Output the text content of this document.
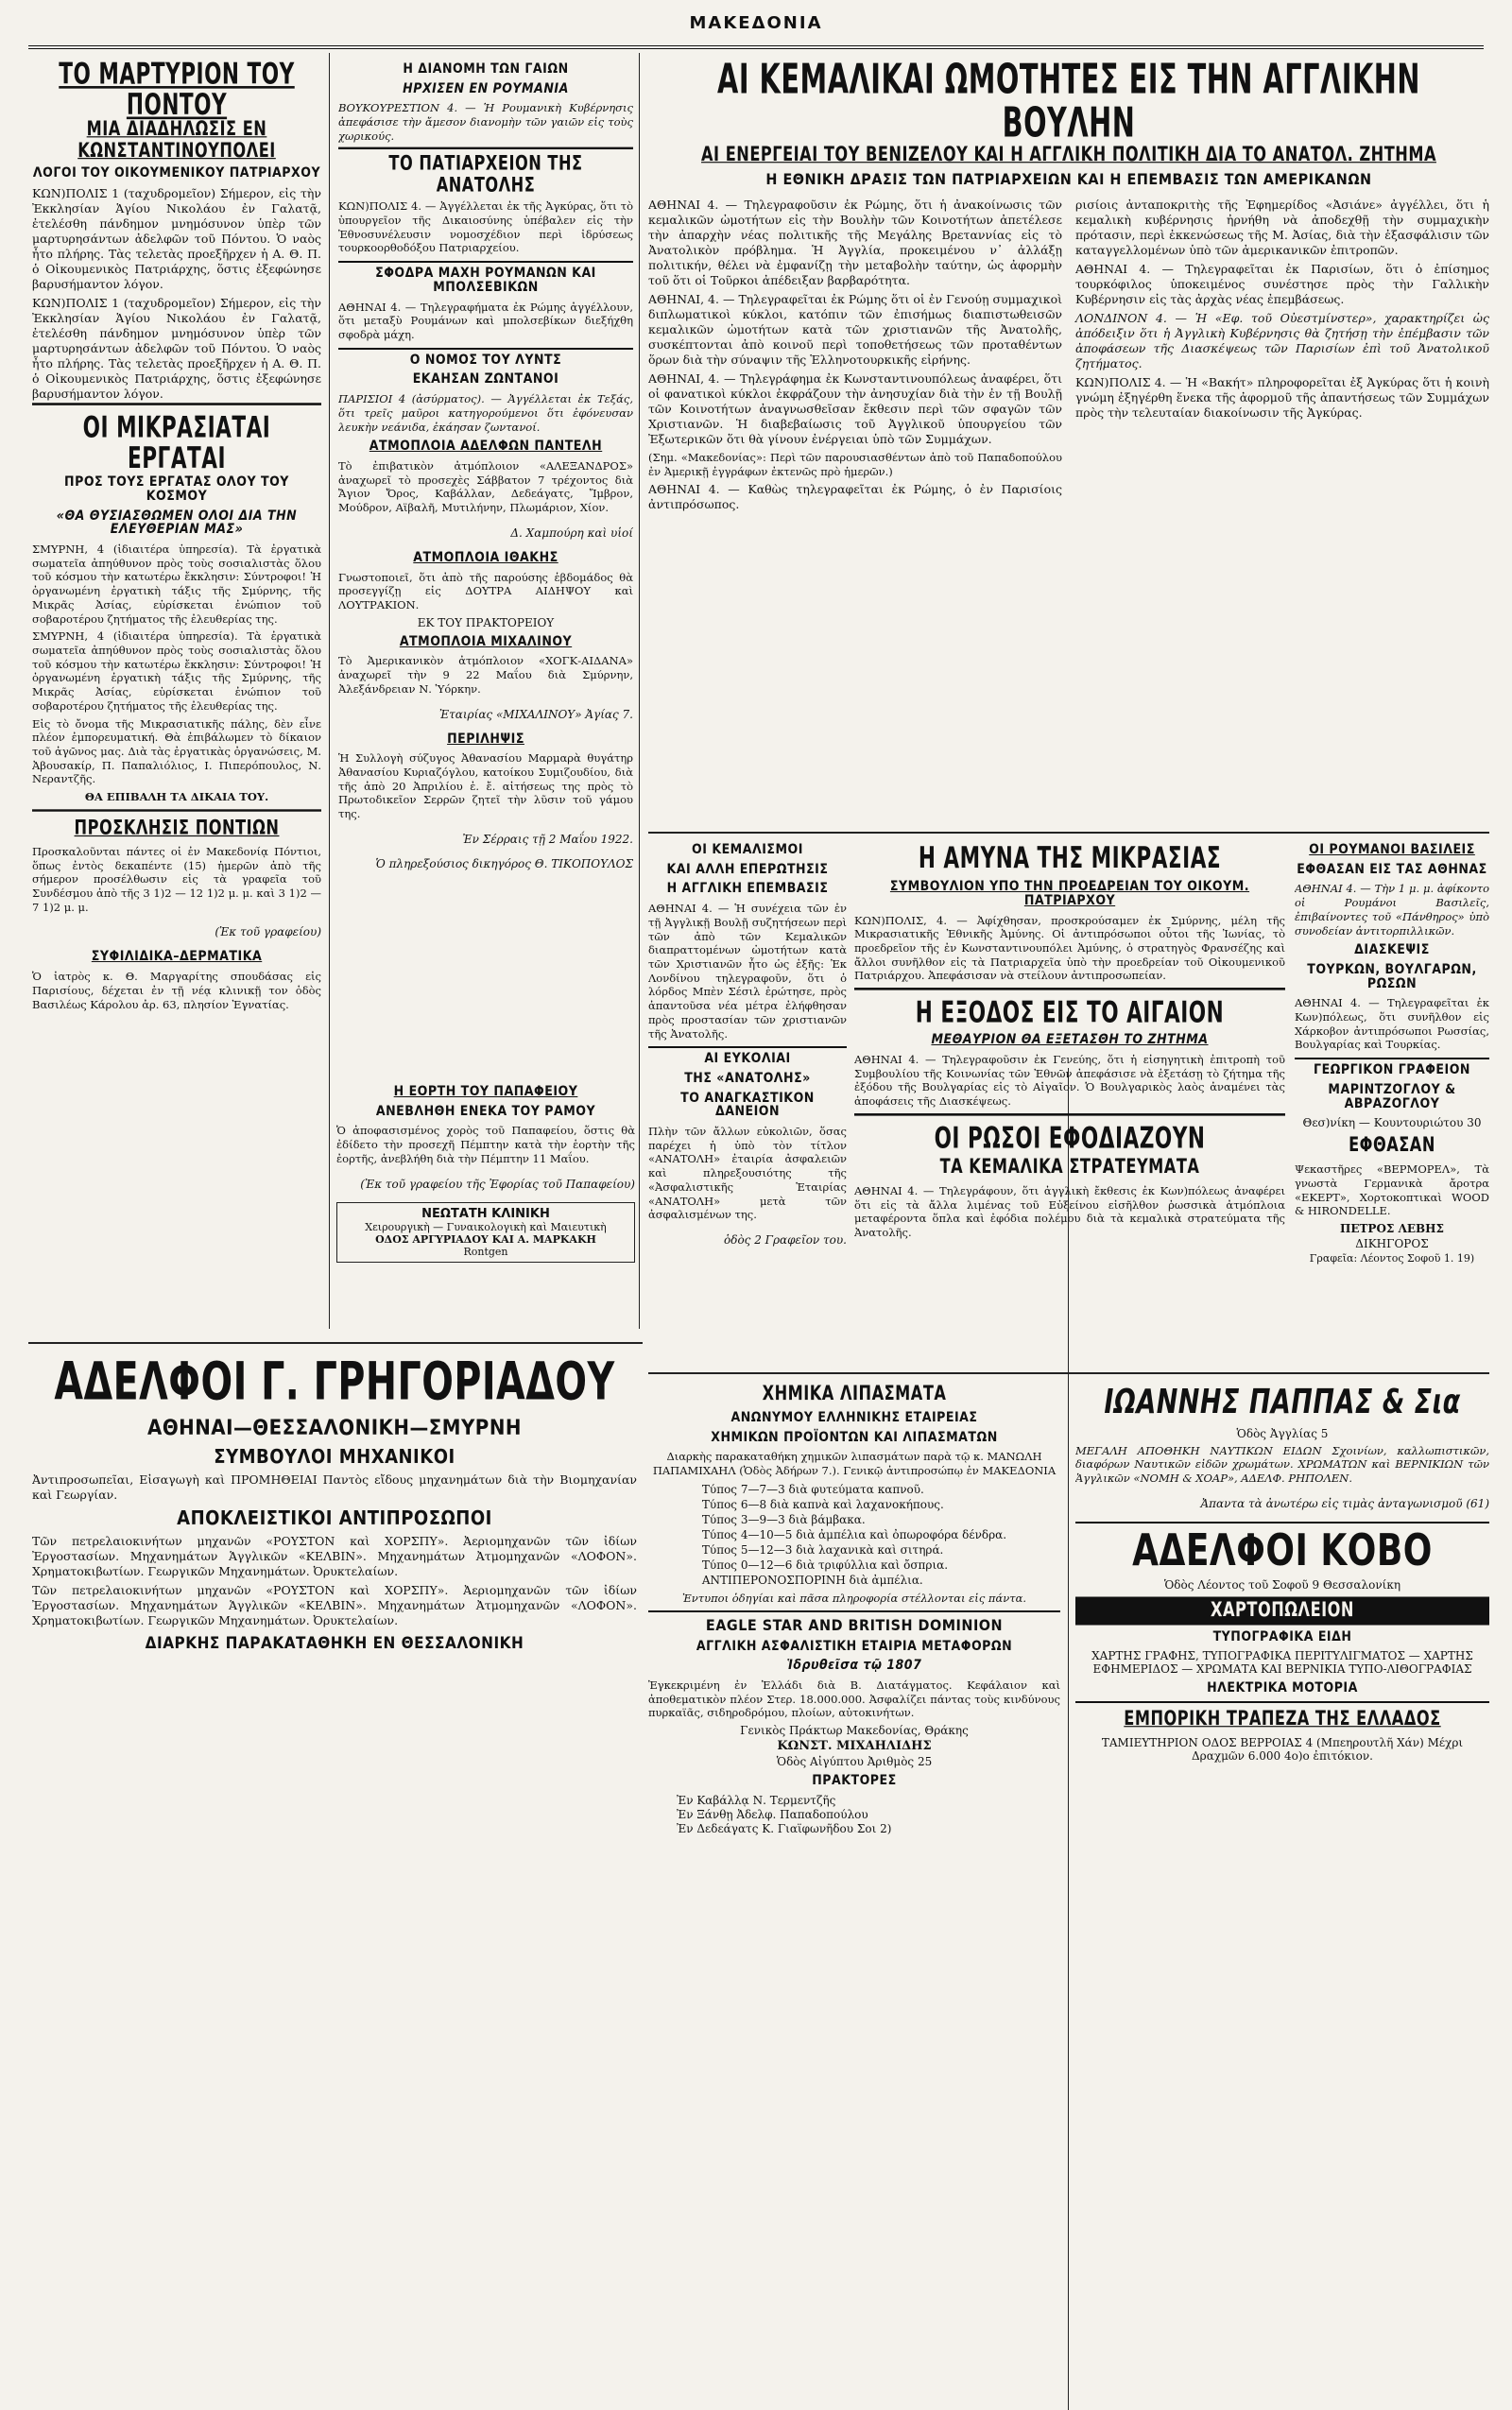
ΜΑΚΕΔΟΝΙΑ
ΤΟ ΜΑΡΤΥΡΙΟΝ ΤΟΥ ΠΟΝΤΟΥ
ΜΙΑ ΔΙΑΔΗΛΩΣΙΣ ΕΝ ΚΩΝΣΤΑΝΤΙΝΟΥΠΟΛΕΙ
ΛΟΓΟΙ ΤΟΥ ΟΙΚΟΥΜΕΝΙΚΟΥ ΠΑΤΡΙΑΡΧΟΥ

ΚΩΝ)ΠΟΛΙΣ 1 (ταχυδρομεῖον) Σήμερον, εἰς τὴν Ἐκκλησίαν Ἁγίου Νικολάου ἐν Γαλατᾷ, ἐτελέσθη πάνδημον μνημόσυνον ὑπὲρ τῶν μαρτυρησάντων ἀδελφῶν τοῦ Πόντου. Ὁ ναὸς ἦτο πλήρης. Τὰς τελετὰς προεξῆρχεν ἡ Α. Θ. Π. ὁ Οἰκουμενικὸς Πατριάρχης, ὅστις ἐξεφώνησε βαρυσήμαντον λόγον.

ΚΩΝ)ΠΟΛΙΣ 1 (ταχυδρομεῖον) Σήμερον, εἰς τὴν Ἐκκλησίαν Ἁγίου Νικολάου ἐν Γαλατᾷ, ἐτελέσθη πάνδημον μνημόσυνον ὑπὲρ τῶν μαρτυρησάντων ἀδελφῶν τοῦ Πόντου. Ὁ ναὸς ἦτο πλήρης. Τὰς τελετὰς προεξῆρχεν ἡ Α. Θ. Π. ὁ Οἰκουμενικὸς Πατριάρχης, ὅστις ἐξεφώνησε βαρυσήμαντον λόγον.

ΟΙ ΜΙΚΡΑΣΙΑΤΑΙ ΕΡΓΑΤΑΙ
ΠΡΟΣ ΤΟΥΣ ΕΡΓΑΤΑΣ ΟΛΟΥ ΤΟΥ ΚΟΣΜΟΥ
«ΘΑ ΘΥΣΙΑΣΘΩΜΕΝ ΟΛΟΙ ΔΙΑ ΤΗΝ ΕΛΕΥΘΕΡΙΑΝ ΜΑΣ»

ΣΜΥΡΝΗ, 4 (ἰδιαιτέρα ὑπηρεσία). Τὰ ἐργατικὰ σωματεῖα ἀπηύθυνον πρὸς τοὺς σοσιαλιστὰς ὅλου τοῦ κόσμου τὴν κατωτέρω ἔκκλησιν: Σύντροφοι! Ἡ ὀργανωμένη ἐργατικὴ τάξις τῆς Σμύρνης, τῆς Μικρᾶς Ἀσίας, εὑρίσκεται ἐνώπιον τοῦ σοβαροτέρου ζητήματος τῆς ἐλευθερίας της.

ΣΜΥΡΝΗ, 4 (ἰδιαιτέρα ὑπηρεσία). Τὰ ἐργατικὰ σωματεῖα ἀπηύθυνον πρὸς τοὺς σοσιαλιστὰς ὅλου τοῦ κόσμου τὴν κατωτέρω ἔκκλησιν: Σύντροφοι! Ἡ ὀργανωμένη ἐργατικὴ τάξις τῆς Σμύρνης, τῆς Μικρᾶς Ἀσίας, εὑρίσκεται ἐνώπιον τοῦ σοβαροτέρου ζητήματος τῆς ἐλευθερίας της.

Εἰς τὸ ὄνομα τῆς Μικρασιατικῆς πάλης, δὲν εἶνε πλέον ἐμπορευματική. Θὰ ἐπιβάλωμεν τὸ δίκαιον τοῦ ἀγῶνος μας. Διὰ τὰς ἐργατικὰς ὀργανώσεις, Μ. Ἀβουσακίρ, Π. Παπαλιόλιος, Ι. Πιπερόπουλος, Ν. Νεραντζῆς.

ΘΑ ΕΠΙΒΑΛΗ ΤΑ ΔΙΚΑΙΑ ΤΟΥ.

ΠΡΟΣΚΛΗΣΙΣ ΠΟΝΤΙΩΝ

Προσκαλοῦνται πάντες οἱ ἐν Μακεδονίᾳ Πόντιοι, ὅπως ἐντὸς δεκαπέντε (15) ἡμερῶν ἀπὸ τῆς σήμερον προσέλθωσιν εἰς τὰ γραφεῖα τοῦ Συνδέσμου ἀπὸ τῆς 3 1)2 — 12 1)2 μ. μ. καὶ 3 1)2 — 7 1)2 μ. μ.

(Ἐκ τοῦ γραφείου)

ΣΥΦΙΛΙΔΙΚΑ–ΔΕΡΜΑΤΙΚΑ

Ὁ ἰατρὸς κ. Θ. Μαργαρίτης σπουδάσας εἰς Παρισίους, δέχεται ἐν τῇ νέᾳ κλινικῇ τον ὁδὸς Βασιλέως Κάρολου ἀρ. 63, πλησίον Ἐγνατίας.

Η ΕΟΡΤΗ ΤΟΥ ΠΑΠΑΦΕΙΟΥ
ΑΝΕΒΛΗΘΗ ΕΝΕΚΑ ΤΟΥ ΡΑΜΟΥ

Ὁ ἀποφασισμένος χορὸς τοῦ Παπαφείου, ὅστις θὰ ἐδίδετο τὴν προσεχῆ Πέμπτην κατὰ τὴν ἑορτὴν τῆς ἐορτῆς, ἀνεβλήθη διὰ τὴν Πέμπτην 11 Μαΐου.

(Ἐκ τοῦ γραφείου τῆς Ἐφορίας τοῦ Παπαφείου)

ΝΕΩΤΑΤΗ ΚΛΙΝΙΚΗ
Χειρουργικὴ — Γυναικολογικὴ καὶ Μαιευτικὴ
ΟΔΟΣ ΑΡΓΥΡΙΑΔΟΥ ΚΑΙ Α. ΜΑΡΚΑΚΗ
Rontgen
Η ΔΙΑΝΟΜΗ ΤΩΝ ΓΑΙΩΝ
ΗΡΧΙΣΕΝ ΕΝ ΡΟΥΜΑΝΙΑ

ΒΟΥΚΟΥΡΕΣΤΙΟΝ 4. — Ἡ Ρουμανικὴ Κυβέρνησις ἀπεφάσισε τὴν ἄμεσον διανομὴν τῶν γαιῶν εἰς τοὺς χωρικούς.

ΤΟ ΠΑΤΙΑΡΧΕΙΟΝ ΤΗΣ ΑΝΑΤΟΛΗΣ

ΚΩΝ)ΠΟΛΙΣ 4. — Ἀγγέλλεται ἐκ τῆς Ἀγκύρας, ὅτι τὸ ὑπουργεῖον τῆς Δικαιοσύνης ὑπέβαλεν εἰς τὴν Ἐθνοσυνέλευσιν νομοσχέδιον περὶ ἱδρύσεως τουρκοορθοδόξου Πατριαρχείου.

ΣΦΟΔΡΑ ΜΑΧΗ ΡΟΥΜΑΝΩΝ ΚΑΙ ΜΠΟΛΣΕΒΙΚΩΝ

ΑΘΗΝΑΙ 4. — Τηλεγραφήματα ἐκ Ρώμης ἀγγέλλουν, ὅτι μεταξὺ Ρουμάνων καὶ μπολσεβίκων διεξήχθη σφοδρὰ μάχη.

Ο ΝΟΜΟΣ ΤΟΥ ΛΥΝΤΣ
ΕΚΑΗΣΑΝ ΖΩΝΤΑΝΟΙ

ΠΑΡΙΣΙΟΙ 4 (ἀσύρματος). — Ἀγγέλλεται ἐκ Τεξάς, ὅτι τρεῖς μαῦροι κατηγορούμενοι ὅτι ἐφόνευσαν λευκὴν νεάνιδα, ἐκάησαν ζωντανοί.

ΑΤΜΟΠΛΟΙΑ ΑΔΕΛΦΩΝ ΠΑΝΤΕΛΗ

Τὸ ἐπιβατικὸν ἀτμόπλοιον «ΑΛΕΞΑΝΔΡΟΣ» ἀναχωρεῖ τὸ προσεχὲς Σάββατον 7 τρέχοντος διὰ Ἄγιον Ὄρος, Καβάλλαν, Δεδεάγατς, Ἴμβρον, Μούδρον, Αϊβαλῆ, Μυτιλήνην, Πλωμάριον, Χίον.

Δ. Χαμπούρη καὶ υἱοί

ΑΤΜΟΠΛΟΙΑ ΙΘΑΚΗΣ

Γνωστοποιεῖ, ὅτι ἀπὸ τῆς παρούσης ἑβδομάδος θὰ προσεγγίζῃ εἰς ΔΟΥΤΡΑ ΑΙΔΗΨΟΥ καὶ ΛΟΥΤΡΑΚΙΟΝ.

ΕΚ ΤΟΥ ΠΡΑΚΤΟΡΕΙΟΥ

ΑΤΜΟΠΛΟΙΑ ΜΙΧΑΛΙΝΟΥ

Τὸ Ἀμερικανικὸν ἀτμόπλοιον «ΧΟΓΚ-ΑΙΔΑΝΑ» ἀναχωρεῖ τὴν 9 22 Μαΐου διὰ Σμύρνην, Ἀλεξάνδρειαν Ν. Ὑόρκην.

Ἐταιρίας «ΜΙΧΑΛΙΝΟΥ» Ἀγίας 7.

ΠΕΡΙΛΗΨΙΣ

Ἡ Συλλογὴ σύζυγος Ἀθανασίου Μαρμαρὰ θυγάτηρ Ἀθανασίου Κυριαζόγλου, κατοίκου Συμιζουδίου, διὰ τῆς ἀπὸ 20 Ἀπριλίου ἐ. ἔ. αἰτήσεως της πρὸς τὸ Πρωτοδικεῖον Σερρῶν ζητεῖ τὴν λῦσιν τοῦ γάμου της.

Ἐν Σέρραις τῇ 2 Μαΐου 1922.

Ὁ πληρεξούσιος δικηγόρος Θ. ΤΙΚΟΠΟΥΛΟΣ

ΑΙ ΚΕΜΑΛΙΚΑΙ ΩΜΟΤΗΤΕΣ ΕΙΣ ΤΗΝ ΑΓΓΛΙΚΗΝ ΒΟΥΛΗΝ
ΑΙ ΕΝΕΡΓΕΙΑΙ ΤΟΥ ΒΕΝΙΖΕΛΟΥ ΚΑΙ Η ΑΓΓΛΙΚΗ ΠΟΛΙΤΙΚΗ ΔΙΑ ΤΟ ΑΝΑΤΟΛ. ΖΗΤΗΜΑ
Η ΕΘΝΙΚΗ ΔΡΑΣΙΣ ΤΩΝ ΠΑΤΡΙΑΡΧΕΙΩΝ ΚΑΙ Η ΕΠΕΜΒΑΣΙΣ ΤΩΝ ΑΜΕΡΙΚΑΝΩΝ

ΑΘΗΝΑΙ 4. — Τηλεγραφοῦσιν ἐκ Ρώμης, ὅτι ἡ ἀνακοίνωσις τῶν κεμαλικῶν ὠμοτήτων εἰς τὴν Βουλὴν τῶν Κοινοτήτων ἀπετέλεσε τὴν ἀπαρχὴν νέας πολιτικῆς τῆς Μεγάλης Βρεταννίας εἰς τὸ Ἀνατολικὸν πρόβλημα. Ἡ Ἀγγλία, προκειμένου ν᾿ ἀλλάξῃ πολιτικήν, θέλει νὰ ἐμφανίζῃ τὴν μεταβολὴν ταύτην, ὡς ἀφορμὴν τοῦ ὅτι οἱ Τοῦρκοι ἀπέδειξαν βαρβαρότητα.

ΑΘΗΝΑΙ, 4. — Τηλεγραφεῖται ἐκ Ρώμης ὅτι οἱ ἐν Γενούῃ συμμαχικοὶ διπλωματικοὶ κύκλοι, κατόπιν τῶν ἐπισήμως διαπιστωθεισῶν κεμαλικῶν ὠμοτήτων κατὰ τῶν χριστιανῶν τῆς Ἀνατολῆς, συσκέπτονται ἀπὸ κοινοῦ περὶ τοποθετήσεως τῶν προταθέντων ὅρων διὰ τὴν σύναψιν τῆς Ἑλληνοτουρκικῆς εἰρήνης.

ΑΘΗΝΑΙ, 4. — Τηλεγράφημα ἐκ Κωνσταντινουπόλεως ἀναφέρει, ὅτι οἱ φανατικοὶ κύκλοι ἐκφράζουν τὴν ἀνησυχίαν διὰ τὴν ἐν τῇ Βουλῇ τῶν Κοινοτήτων ἀναγνωσθεῖσαν ἔκθεσιν περὶ τῶν σφαγῶν τῶν Χριστιανῶν. Ἡ διαβεβαίωσις τοῦ Ἀγγλικοῦ ὑπουργείου τῶν Ἐξωτερικῶν ὅτι θὰ γίνουν ἐνέργειαι ὑπὸ τῶν Συμμάχων.

(Σημ. «Μακεδονίας»: Περὶ τῶν παρουσιασθέντων ἀπὸ τοῦ Παπαδοπούλου ἐν Ἀμερικῇ ἐγγράφων ἐκτενῶς πρὸ ἡμερῶν.)

ΑΘΗΝΑΙ 4. — Καθὼς τηλεγραφεῖται ἐκ Ρώμης, ὁ ἐν Παρισίοις ἀντιπρόσωπος.

ρισίοις ἀνταποκριτὴς τῆς Ἐφημερίδος «Ἀσιάνε» ἀγγέλλει, ὅτι ἡ κεμαλικὴ κυβέρνησις ἠρνήθη νὰ ἀποδεχθῇ τὴν συμμαχικὴν πρότασιν, περὶ ἐκκενώσεως τῆς Μ. Ἀσίας, διὰ τὴν ἐξασφάλισιν τῶν καταγγελλομένων ὑπὸ τῶν ἀμερικανικῶν ἐπιτροπῶν.

ΑΘΗΝΑΙ 4. — Τηλεγραφεῖται ἐκ Παρισίων, ὅτι ὁ ἐπίσημος τουρκόφιλος ὑποκειμένος συνέστησε πρὸς τὴν Γαλλικὴν Κυβέρνησιν εἰς τὰς ἀρχὰς νέας ἐπεμβάσεως.

ΛΟΝΔΙΝΟΝ 4. — Ἡ «Εφ. τοῦ Οὐεστμίνστερ», χαρακτηρίζει ὡς ἀπόδειξιν ὅτι ἡ Ἀγγλικὴ Κυβέρνησις θὰ ζητήσῃ τὴν ἐπέμβασιν τῶν ἀποφάσεων τῆς Διασκέψεως τῶν Παρισίων ἐπὶ τοῦ Ἀνατολικοῦ ζητήματος.

ΚΩΝ)ΠΟΛΙΣ 4. — Ἡ «Βακήτ» πληροφορεῖται ἐξ Ἀγκύρας ὅτι ἡ κοινὴ γνώμη ἐξηγέρθη ἕνεκα τῆς ἀφορμοῦ τῆς ἀπαντήσεως τῶν Συμμάχων πρὸς τὴν τελευταίαν διακοίνωσιν τῆς Ἀγκύρας.

ΟΙ ΚΕΜΑΛΙΣΜΟΙ
ΚΑΙ ΑΛΛΗ ΕΠΕΡΩΤΗΣΙΣ
Η ΑΓΓΛΙΚΗ ΕΠΕΜΒΑΣΙΣ

ΑΘΗΝΑΙ 4. — Ἡ συνέχεια τῶν ἐν τῇ Ἀγγλικῇ Βουλῇ συζητήσεων περὶ τῶν ἀπὸ τῶν Κεμαλικῶν διαπραττομένων ὠμοτήτων κατὰ τῶν Χριστιανῶν ἦτο ὡς ἑξῆς: Ἐκ Λονδίνου τηλεγραφοῦν, ὅτι ὁ λόρδος Μπὲν Σέσιλ ἐρώτησε, πρὸς ἀπαντοῦσα νέα μέτρα ἐλήφθησαν πρὸς προστασίαν τῶν χριστιανῶν τῆς Ἀνατολῆς.

ΑΙ ΕΥΚΟΛΙΑΙ
ΤΗΣ «ΑΝΑΤΟΛΗΣ»
ΤΟ ΑΝΑΓΚΑΣΤΙΚΟΝ ΔΑΝΕΙΟΝ

Πλὴν τῶν ἄλλων εὐκολιῶν, ὅσας παρέχει ἡ ὑπὸ τὸν τίτλον «ΑΝΑΤΟΛΗ» ἐταιρία ἀσφαλειῶν καὶ πληρεξουσιότης τῆς «Ἀσφαλιστικῆς Ἑταιρίας «ΑΝΑΤΟΛΗ» μετὰ τῶν ἀσφαλισμένων της.

ὁδὸς 2 Γραφεῖον του.

Η ΑΜΥΝΑ ΤΗΣ ΜΙΚΡΑΣΙΑΣ
ΣΥΜΒΟΥΛΙΟΝ ΥΠΟ ΤΗΝ ΠΡΟΕΔΡΕΙΑΝ ΤΟΥ ΟΙΚΟΥΜ. ΠΑΤΡΙΑΡΧΟΥ

ΚΩΝ)ΠΟΛΙΣ, 4. — Ἀφίχθησαν, προσκρούσαμεν ἐκ Σμύρνης, μέλη τῆς Μικρασιατικῆς Ἐθνικῆς Ἀμύνης. Οἱ ἀντιπρόσωποι οὗτοι τῆς Ἰωνίας, τὸ προεδρεῖον τῆς ἐν Κωνσταντινουπόλει Ἀμύνης, ὁ στρατηγὸς Φρανσέζης καὶ ἄλλοι συνῆλθον εἰς τὰ Πατριαρχεῖα ὑπὸ τὴν προεδρείαν τοῦ Οἰκουμενικοῦ Πατριάρχου. Ἀπεφάσισαν νὰ στείλουν ἀντιπροσωπείαν.

Η ΕΞΟΔΟΣ ΕΙΣ ΤΟ ΑΙΓΑΙΟΝ
ΜΕΘΑΥΡΙΟΝ ΘΑ ΕΞΕΤΑΣΘΗ ΤΟ ΖΗΤΗΜΑ

ΑΘΗΝΑΙ 4. — Τηλεγραφοῦσιν ἐκ Γενεύης, ὅτι ἡ εἰσηγητικὴ ἐπιτροπὴ τοῦ Συμβουλίου τῆς Κοινωνίας τῶν Ἐθνῶν ἀπεφάσισε νὰ ἐξετάσῃ τὸ ζήτημα τῆς ἐξόδου τῆς Βουλγαρίας εἰς τὸ Αἰγαῖον. Ὁ Βουλγαρικὸς λαὸς ἀναμένει τὰς ἀποφάσεις τῆς Διασκέψεως.

ΟΙ ΡΩΣΟΙ ΕΦΟΔΙΑΖΟΥΝ
ΤΑ ΚΕΜΑΛΙΚΑ ΣΤΡΑΤΕΥΜΑΤΑ

ΑΘΗΝΑΙ 4. — Τηλεγράφουν, ὅτι ἀγγλικὴ ἔκθεσις ἐκ Κων)πόλεως ἀναφέρει ὅτι εἰς τὰ ἄλλα λιμένας τοῦ Εὐξείνου εἰσῆλθον ῥωσσικὰ ἀτμόπλοια μεταφέροντα ὅπλα καὶ ἐφόδια πολέμου διὰ τὰ κεμαλικὰ στρατεύματα τῆς Ἀνατολῆς.

ΟΙ ΡΟΥΜΑΝΟΙ ΒΑΣΙΛΕΙΣ
ΕΦΘΑΣΑΝ ΕΙΣ ΤΑΣ ΑΘΗΝΑΣ

ΑΘΗΝΑΙ 4. — Τὴν 1 μ. μ. ἀφίκοντο οἱ Ρουμάνοι Βασιλεῖς, ἐπιβαίνοντες τοῦ «Πάνθηρος» ὑπὸ συνοδείαν ἀντιτορπιλλικῶν.

ΔΙΑΣΚΕΨΙΣ
ΤΟΥΡΚΩΝ, ΒΟΥΛΓΑΡΩΝ, ΡΩΣΩΝ

ΑΘΗΝΑΙ 4. — Τηλεγραφεῖται ἐκ Κων)πόλεως, ὅτι συνῆλθον εἰς Χάρκοβον ἀντιπρόσωποι Ρωσσίας, Βουλγαρίας καὶ Τουρκίας.

ΓΕΩΡΓΙΚΟΝ ΓΡΑΦΕΙΟΝ
ΜΑΡΙΝΤΖΟΓΛΟΥ & ΑΒΡΑΖΟΓΛΟΥ

Θεσ)νίκη — Κουντουριώτου 30

ΕΦΘΑΣΑΝ

Ψεκαστῆρες «ΒΕΡΜΟΡΕΛ», Τὰ γνωστὰ Γερμανικὰ ἄροτρα «ΕΚΕΡΤ», Χορτοκοπτικαὶ WOOD & HIRONDELLE.

ΠΕΤΡΟΣ ΛΕΒΗΣ

ΔΙΚΗΓΟΡΟΣ

Γραφεῖα: Λέοντος Σοφοῦ 1. 19)

ΑΔΕΛΦΟΙ Γ. ΓΡΗΓΟΡΙΑΔΟΥ
ΑΘΗΝΑΙ—ΘΕΣΣΑΛΟΝΙΚΗ—ΣΜΥΡΝΗ
ΣΥΜΒΟΥΛΟΙ ΜΗΧΑΝΙΚΟΙ

Ἀντιπροσωπεῖαι, Εἰσαγωγὴ καὶ ΠΡΟΜΗΘΕΙΑΙ Παντὸς εἴδους μηχανημάτων διὰ τὴν Βιομηχανίαν καὶ Γεωργίαν.

ΑΠΟΚΛΕΙΣΤΙΚΟΙ ΑΝΤΙΠΡΟΣΩΠΟΙ

Τῶν πετρελαιοκινήτων μηχανῶν «ΡΟΥΣΤΟΝ καὶ ΧΟΡΣΠΥ». Ἀεριομηχανῶν τῶν ἰδίων Ἐργοστασίων. Μηχανημάτων Ἁγγλικῶν «ΚΕΛΒΙΝ». Μηχανημάτων Ἀτμομηχανῶν «ΛΟΦΟΝ». Χρηματοκιβωτίων. Γεωργικῶν Μηχανημάτων. Ὀρυκτελαίων.

Τῶν πετρελαιοκινήτων μηχανῶν «ΡΟΥΣΤΟΝ καὶ ΧΟΡΣΠΥ». Ἀεριομηχανῶν τῶν ἰδίων Ἐργοστασίων. Μηχανημάτων Ἁγγλικῶν «ΚΕΛΒΙΝ». Μηχανημάτων Ἀτμομηχανῶν «ΛΟΦΟΝ». Χρηματοκιβωτίων. Γεωργικῶν Μηχανημάτων. Ὀρυκτελαίων.

ΔΙΑΡΚΗΣ ΠΑΡΑΚΑΤΑΘΗΚΗ ΕΝ ΘΕΣΣΑΛΟΝΙΚΗ
ΧΗΜΙΚΑ ΛΙΠΑΣΜΑΤΑ
ΑΝΩΝΥΜΟΥ ΕΛΛΗΝΙΚΗΣ ΕΤΑΙΡΕΙΑΣ
ΧΗΜΙΚΩΝ ΠΡΟΪΟΝΤΩΝ ΚΑΙ ΛΙΠΑΣΜΑΤΩΝ

Διαρκὴς παρακαταθήκη χημικῶν λιπασμάτων παρὰ τῷ κ. ΜΑΝΩΛΗ ΠΑΠΑΜΙΧΑΗΛ (Ὁδὸς Ἀδήρων 7.). Γενικῷ ἀντιπροσώπῳ ἐν ΜΑΚΕΔΟΝΙΑ

Τύπος 7—7—3 διὰ φυτεύματα καπνοῦ.
Τύπος 6—8 διὰ καπνὰ καὶ λαχανοκήπους.
Τύπος 3—9—3 διὰ βάμβακα.
Τύπος 4—10—5 διὰ ἀμπέλια καὶ ὀπωροφόρα δένδρα.
Τύπος 5—12—3 διὰ λαχανικὰ καὶ σιτηρά.
Τύπος 0—12—6 διὰ τριφύλλια καὶ ὄσπρια.
ΑΝΤΙΠΕΡΟΝΟΣΠΟΡΙΝΗ διὰ ἀμπέλια.

Ἐντυποι ὁδηγίαι καὶ πᾶσα πληροφορία στέλλονται εἰς πάντα.

EAGLE STAR AND BRITISH DOMINION
ΑΓΓΛΙΚΗ ΑΣΦΑΛΙΣΤΙΚΗ ΕΤΑΙΡΙΑ ΜΕΤΑΦΟΡΩΝ
Ἱδρυθεῖσα τῷ 1807

Ἐγκεκριμένη ἐν Ἑλλάδι διὰ Β. Διατάγματος. Κεφάλαιον καὶ ἀποθεματικὸν πλέον Στερ. 18.000.000. Ἀσφαλίζει πάντας τοὺς κινδύνους πυρκαϊᾶς, σιδηροδρόμου, πλοίων, αὐτοκινήτων.

Γενικὸς Πράκτωρ Μακεδονίας, Θράκης

ΚΩΝΣΤ. ΜΙΧΑΗΛΙΔΗΣ

Ὁδὸς Αἰγύπτου Ἀριθμὸς 25

ΠΡΑΚΤΟΡΕΣ

Ἐν Καβάλλᾳ Ν. Τερμεντζῆς

Ἐν Ξάνθῃ Ἀδελφ. Παπαδοπούλου

Ἐν Δεδεάγατς Κ. Γιαϊφωνῆδου Σοι 2)

ΙΩΑΝΝΗΣ ΠΑΠΠΑΣ & Σια

Ὁδὸς Ἀγγλίας 5

ΜΕΓΑΛΗ ΑΠΟΘΗΚΗ ΝΑΥΤΙΚΩΝ ΕΙΔΩΝ Σχοινίων, καλλωπιστικῶν, διαφόρων Ναυτικῶν εἰδῶν χρωμάτων. ΧΡΩΜΑΤΩΝ καὶ ΒΕΡΝΙΚΙΩΝ τῶν Ἁγγλικῶν «ΝΟΜΗ & ΧΟΑΡ», ΑΔΕΛΦ. ΡΗΠΟΛΕΝ.

Ἀπαντα τὰ ἀνωτέρω εἰς τιμὰς ἀνταγωνισμοῦ (61)

ΑΔΕΛΦΟΙ ΚΟΒΟ

Ὁδὸς Λέοντος τοῦ Σοφοῦ 9 Θεσσαλονίκη

ΧΑΡΤΟΠΩΛΕΙΟΝ
ΤΥΠΟΓΡΑΦΙΚΑ ΕΙΔΗ

ΧΑΡΤΗΣ ΓΡΑΦΗΣ, ΤΥΠΟΓΡΑΦΙΚΑ ΠΕΡΙΤΥΛΙΓΜΑΤΟΣ — ΧΑΡΤΗΣ ΕΦΗΜΕΡΙΔΟΣ — ΧΡΩΜΑΤΑ ΚΑΙ ΒΕΡΝΙΚΙΑ ΤΥΠΟ-ΛΙΘΟΓΡΑΦΙΑΣ

ΗΛΕΚΤΡΙΚΑ ΜΟΤΟΡΙΑ
ΕΜΠΟΡΙΚΗ ΤΡΑΠΕΖΑ ΤΗΣ ΕΛΛΑΔΟΣ

ΤΑΜΙΕΥΤΗΡΙΟΝ ΟΔΟΣ ΒΕΡΡΟΙΑΣ 4 (Μπεηρουτλῆ Χάν) Μέχρι Δραχμῶν 6.000 4ο)ο ἐπιτόκιον.
